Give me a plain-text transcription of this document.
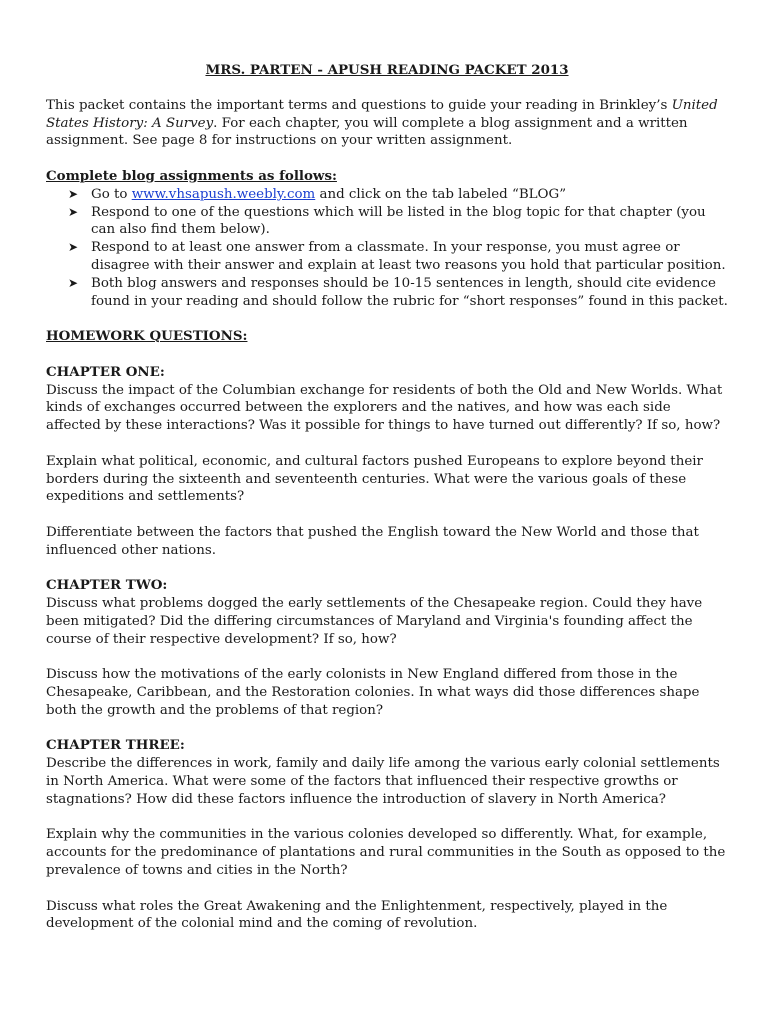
MRS. PARTEN - APUSH READING PACKET 2013

This packet contains the important terms and questions to guide your reading in Brinkley’s United States History: A Survey. For each chapter, you will complete a blog assignment and a written assignment. See page 8 for instructions on your written assignment.

Complete blog assignments as follows:
➤ Go to www.vhsapush.weebly.com and click on the tab labeled “BLOG”
➤ Respond to one of the questions which will be listed in the blog topic for that chapter (you can also find them below).
➤ Respond to at least one answer from a classmate. In your response, you must agree or disagree with their answer and explain at least two reasons you hold that particular position.
➤ Both blog answers and responses should be 10-15 sentences in length, should cite evidence found in your reading and should follow the rubric for “short responses” found in this packet.

HOMEWORK QUESTIONS:

CHAPTER ONE:

Discuss the impact of the Columbian exchange for residents of both the Old and New Worlds. What kinds of exchanges occurred between the explorers and the natives, and how was each side affected by these interactions? Was it possible for things to have turned out differently? If so, how?

Explain what political, economic, and cultural factors pushed Europeans to explore beyond their borders during the sixteenth and seventeenth centuries. What were the various goals of these expeditions and settlements?

Differentiate between the factors that pushed the English toward the New World and those that influenced other nations.

CHAPTER TWO:

Discuss what problems dogged the early settlements of the Chesapeake region. Could they have been mitigated? Did the differing circumstances of Maryland and Virginia's founding affect the course of their respective development? If so, how?

Discuss how the motivations of the early colonists in New England differed from those in the Chesapeake, Caribbean, and the Restoration colonies. In what ways did those differences shape both the growth and the problems of that region?

CHAPTER THREE:

Describe the differences in work, family and daily life among the various early colonial settlements in North America. What were some of the factors that influenced their respective growths or stagnations? How did these factors influence the introduction of slavery in North America?

Explain why the communities in the various colonies developed so differently. What, for example, accounts for the predominance of plantations and rural communities in the South as opposed to the prevalence of towns and cities in the North?

Discuss what roles the Great Awakening and the Enlightenment, respectively, played in the development of the colonial mind and the coming of revolution.
